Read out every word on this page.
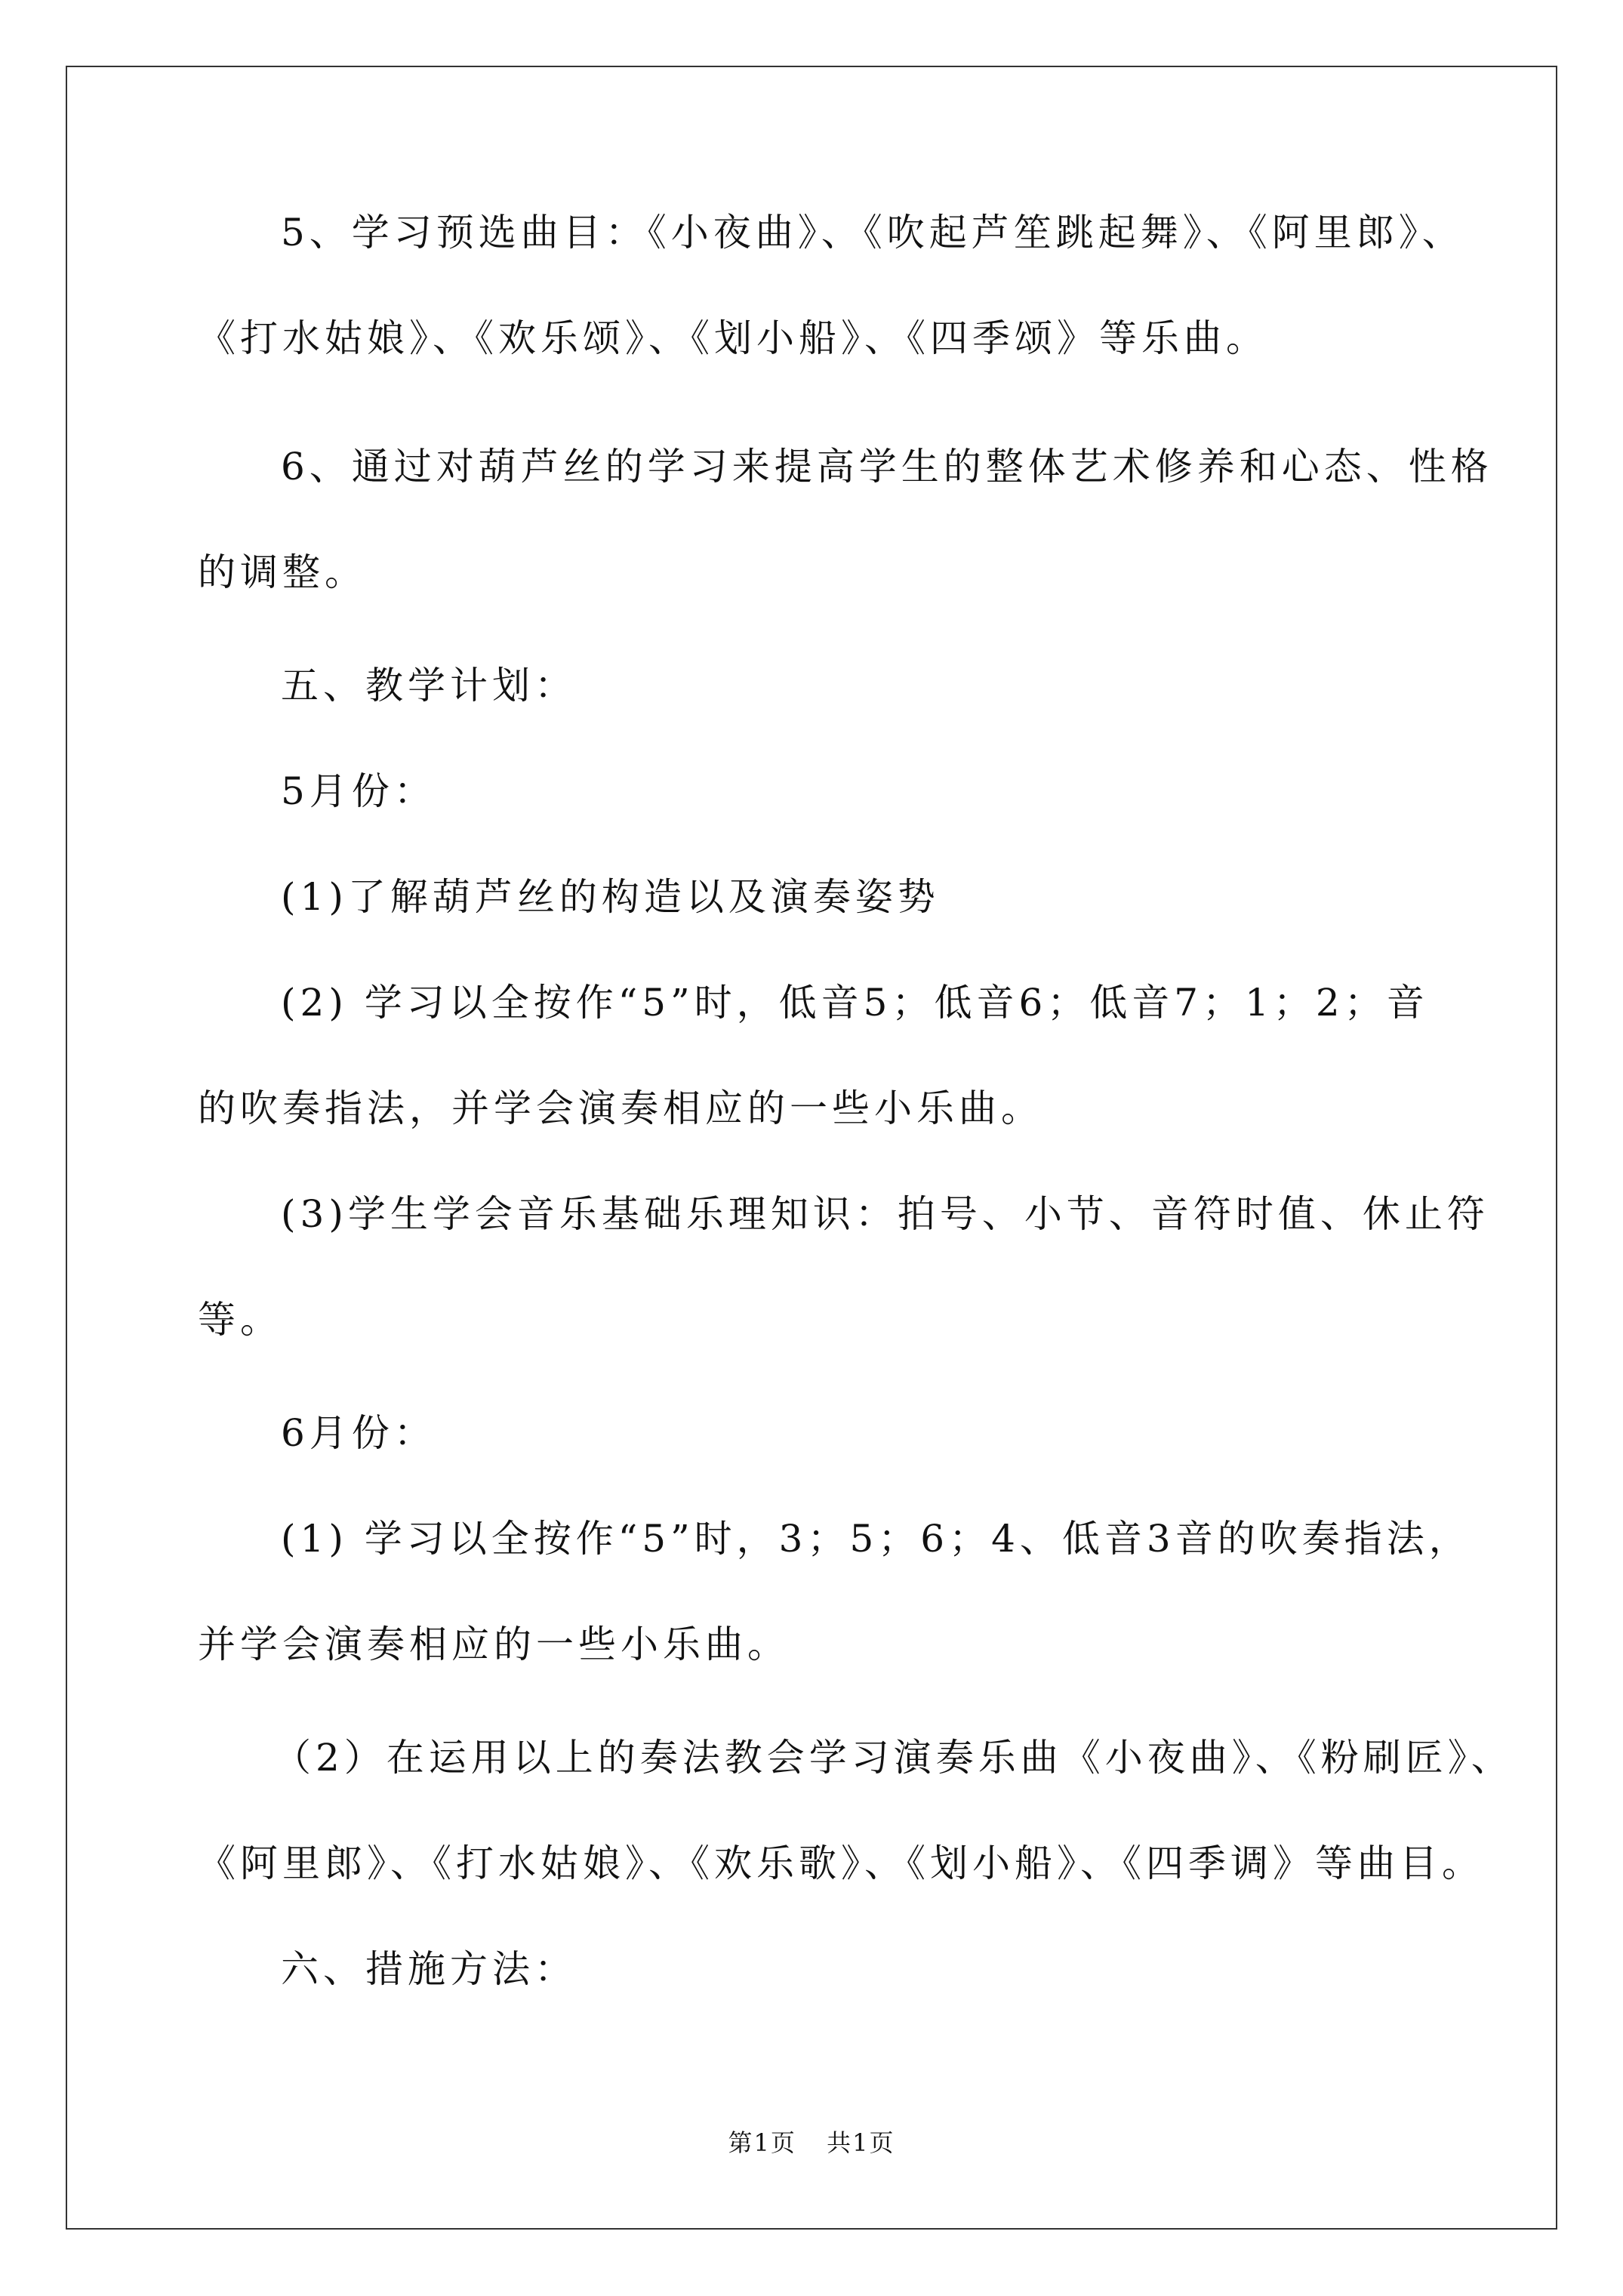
5、学习预选曲目：《小夜曲》、《吹起芦笙跳起舞》、《阿里郎》、
《打水姑娘》、《欢乐颂》、《划小船》、《四季颂》等乐曲。
6、通过对葫芦丝的学习来提高学生的整体艺术修养和心态、性格
的调整。
五、教学计划：
5月份：
(1)了解葫芦丝的构造以及演奏姿势
(2) 学习以全按作“5”时，低音5；低音6；低音7；1；2；音
的吹奏指法，并学会演奏相应的一些小乐曲。
(3)学生学会音乐基础乐理知识：拍号、小节、音符时值、休止符
等。
6月份：
(1) 学习以全按作“5”时，3；5；6；4、低音3音的吹奏指法，
并学会演奏相应的一些小乐曲。
（2）在运用以上的奏法教会学习演奏乐曲《小夜曲》、《粉刷匠》、
《阿里郎》、《打水姑娘》、《欢乐歌》、《划小船》、《四季调》等曲目。
六、措施方法：
第1页 共1页
